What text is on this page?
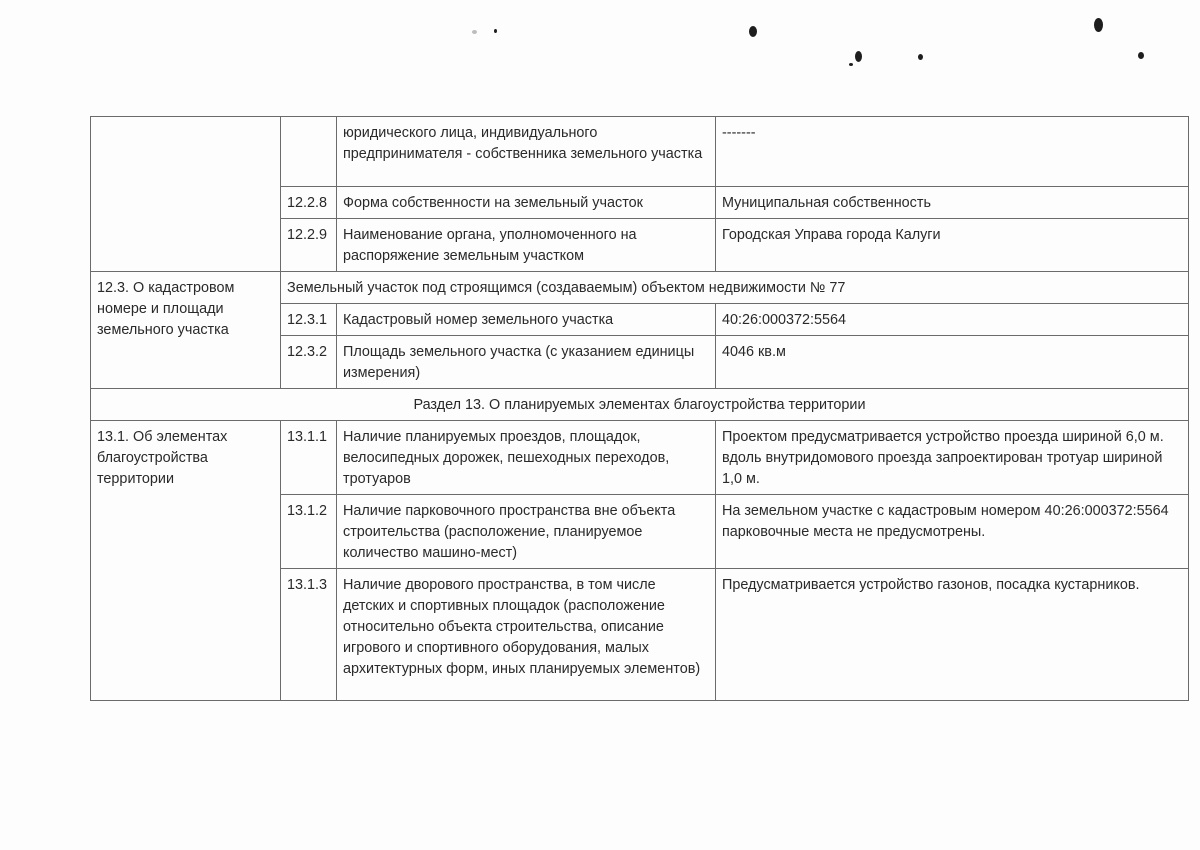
		юридического лица, индивидуального предпринимателя - собственника земельного участка	-------
	12.2.8	Форма собственности на земельный участок	Муниципальная собственность
	12.2.9	Наименование органа, уполномоченного на распоряжение земельным участком	Городская Управа города Калуги
12.3. О кадастровом номере и площади земельного участка	Земельный участок под строящимся (создаваемым) объектом недвижимости № 77		
	12.3.1	Кадастровый номер земельного участка	40:26:000372:5564
	12.3.2	Площадь земельного участка (с указанием единицы измерения)	4046 кв.м
Раздел 13. О планируемых элементах благоустройства территории			
13.1. Об элементах благоустройства территории	13.1.1	Наличие планируемых проездов, площадок, велосипедных дорожек, пешеходных переходов, тротуаров	Проектом предусматривается устройство проезда шириной 6,0 м. вдоль внутридомового проезда запроектирован тротуар шириной 1,0 м.
	13.1.2	Наличие парковочного пространства вне объекта строительства (расположение, планируемое количество машино-мест)	На земельном участке с кадастровым номером 40:26:000372:5564 парковочные места не предусмотрены.
	13.1.3	Наличие дворового пространства, в том числе детских и спортивных площадок (расположение относительно объекта строительства, описание игрового и спортивного оборудования, малых архитектурных форм, иных планируемых элементов)	Предусматривается устройство газонов, посадка кустарников.
